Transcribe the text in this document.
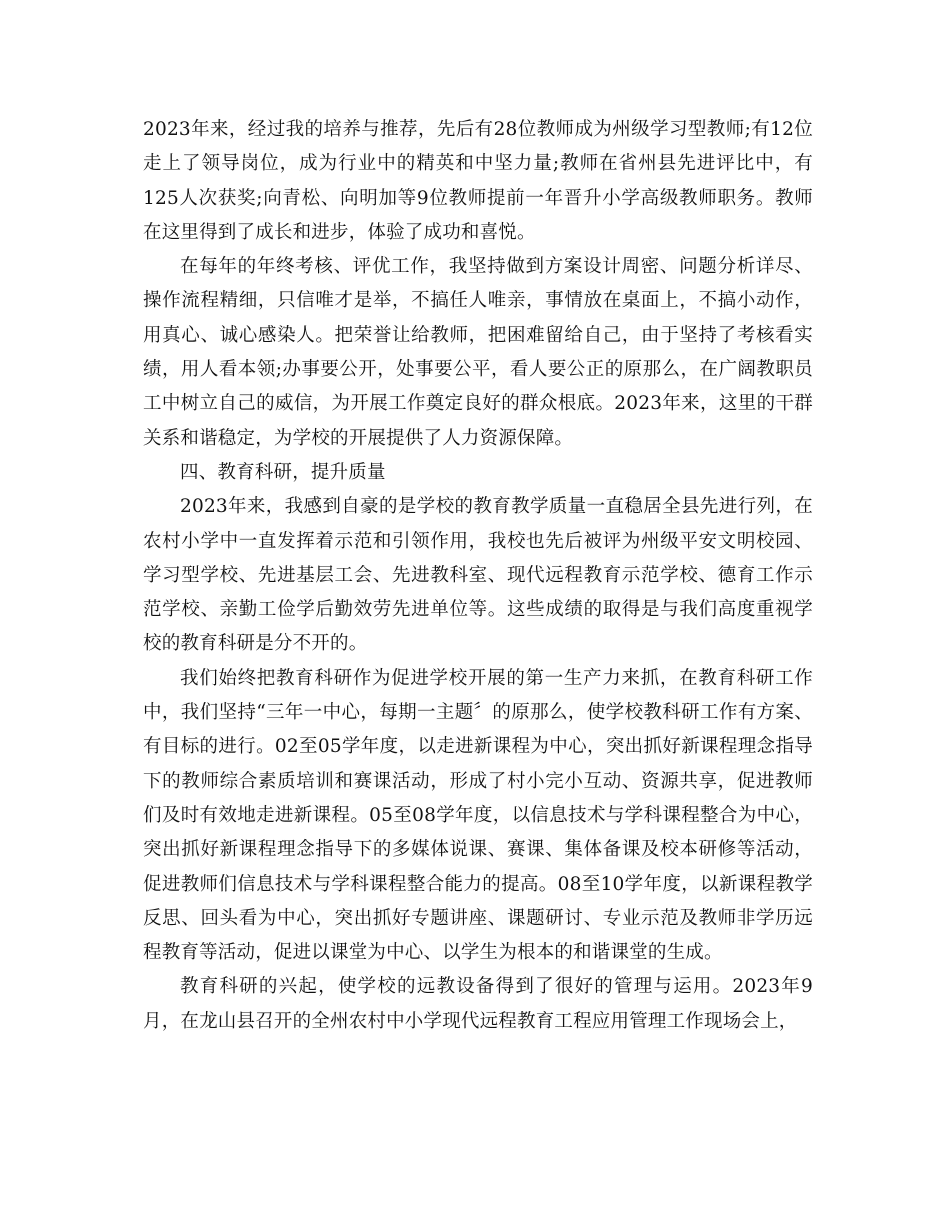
2023年来，经过我的培养与推荐，先后有28位教师成为州级学习型教师;有12位走上了领导岗位，成为行业中的精英和中坚力量;教师在省州县先进评比中，有125人次获奖;向青松、向明加等9位教师提前一年晋升小学高级教师职务。教师在这里得到了成长和进步，体验了成功和喜悦。

在每年的年终考核、评优工作，我坚持做到方案设计周密、问题分析详尽、操作流程精细，只信唯才是举，不搞任人唯亲，事情放在桌面上，不搞小动作，用真心、诚心感染人。把荣誉让给教师，把困难留给自己，由于坚持了考核看实绩，用人看本领;办事要公开，处事要公平，看人要公正的原那么，在广阔教职员工中树立自己的威信，为开展工作奠定良好的群众根底。2023年来，这里的干群关系和谐稳定，为学校的开展提供了人力资源保障。

四、教育科研，提升质量

2023年来，我感到自豪的是学校的教育教学质量一直稳居全县先进行列，在农村小学中一直发挥着示范和引领作用，我校也先后被评为州级平安文明校园、学习型学校、先进基层工会、先进教科室、现代远程教育示范学校、德育工作示范学校、亲勤工俭学后勤效劳先进单位等。这些成绩的取得是与我们高度重视学校的教育科研是分不开的。

我们始终把教育科研作为促进学校开展的第一生产力来抓，在教育科研工作中，我们坚持“三年一中心，每期一主题〞的原那么，使学校教科研工作有方案、有目标的进行。02至05学年度，以走进新课程为中心，突出抓好新课程理念指导下的教师综合素质培训和赛课活动，形成了村小完小互动、资源共享，促进教师们及时有效地走进新课程。05至08学年度，以信息技术与学科课程整合为中心，突出抓好新课程理念指导下的多媒体说课、赛课、集体备课及校本研修等活动，促进教师们信息技术与学科课程整合能力的提高。08至10学年度，以新课程教学反思、回头看为中心，突出抓好专题讲座、课题研讨、专业示范及教师非学历远程教育等活动，促进以课堂为中心、以学生为根本的和谐课堂的生成。

教育科研的兴起，使学校的远教设备得到了很好的管理与运用。2023年9月，在龙山县召开的全州农村中小学现代远程教育工程应用管理工作现场会上，
